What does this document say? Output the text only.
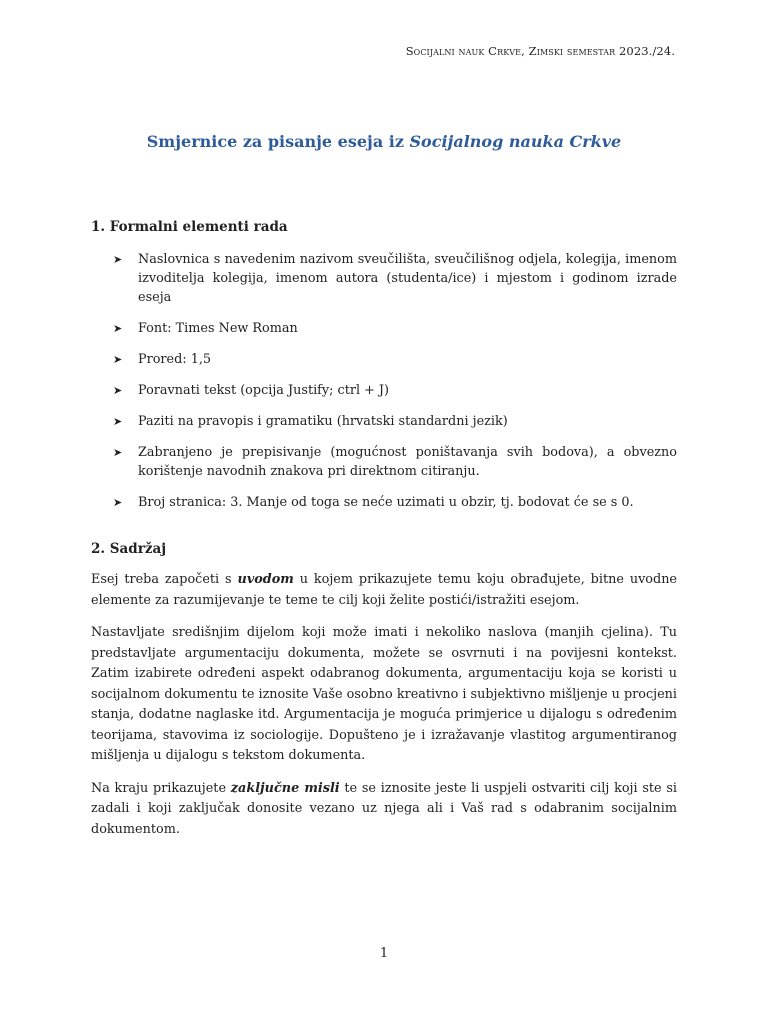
Socijalni nauk Crkve, Zimski semestar 2023./24.
Smjernice za pisanje eseja iz Socijalnog nauka Crkve
1. Formalni elementi rada
➤ Naslovnica s navedenim nazivom sveučilišta, sveučilišnog odjela, kolegija, imenom izvoditelja kolegija, imenom autora (studenta/ice) i mjestom i godinom izrade eseja
➤ Font: Times New Roman
➤ Prored: 1,5
➤ Poravnati tekst (opcija Justify; ctrl + J)
➤ Paziti na pravopis i gramatiku (hrvatski standardni jezik)
➤ Zabranjeno je prepisivanje (mogućnost poništavanja svih bodova), a obvezno korištenje navodnih znakova pri direktnom citiranju.
➤ Broj stranica: 3. Manje od toga se neće uzimati u obzir, tj. bodovat će se s 0.
2. Sadržaj

Esej treba započeti s uvodom u kojem prikazujete temu koju obrađujete, bitne uvodne elemente za razumijevanje te teme te cilj koji želite postići/istražiti esejom.

Nastavljate središnjim dijelom koji može imati i nekoliko naslova (manjih cjelina). Tu predstavljate argumentaciju dokumenta, možete se osvrnuti i na povijesni kontekst. Zatim izabirete određeni aspekt odabranog dokumenta, argumentaciju koja se koristi u socijalnom dokumentu te iznosite Vaše osobno kreativno i subjektivno mišljenje u procjeni stanja, dodatne naglaske itd. Argumentacija je moguća primjerice u dijalogu s određenim teorijama, stavovima iz sociologije. Dopušteno je i izražavanje vlastitog argumentiranog mišljenja u dijalogu s tekstom dokumenta.

Na kraju prikazujete zaključne misli te se iznosite jeste li uspjeli ostvariti cilj koji ste si zadali i koji zaključak donosite vezano uz njega ali i Vaš rad s odabranim socijalnim dokumentom.

1
